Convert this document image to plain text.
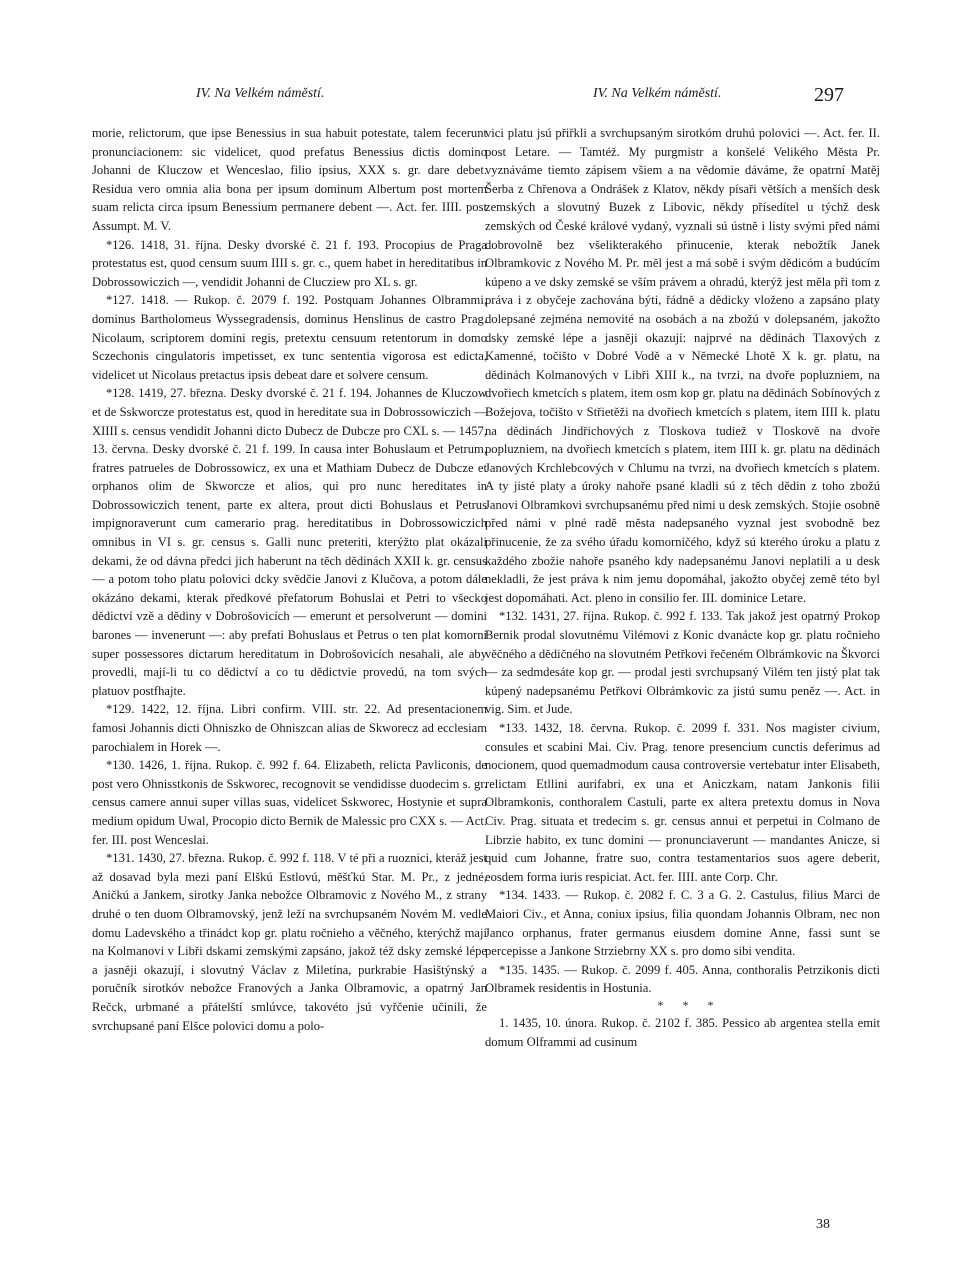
IV. Na Velkém náměstí.	IV. Na Velkém náměstí.	297

morie, relictorum, que ipse Benessius in sua habuit potestate, talem fecerunt pronunciacionem: sic videlicet, quod prefatus Benessius dictis domino Johanni de Kluczow et Wenceslao, filio ipsius, XXX s. gr. dare debet. Residua vero omnia alia bona per ipsum dominum Albertum post mortem suam relicta circa ipsum Benessium permanere debent —. Act. fer. IIII. post Assumpt. M. V.

*126. 1418, 31. října. Desky dvorské č. 21 f. 193. Procopius de Praga protestatus est, quod censum suum IIII s. gr. c., quem habet in hereditatibus in Dobrossowiczich —, vendidit Johanni de Clucziew pro XL s. gr.

*127. 1418. — Rukop. č. 2079 f. 192. Postquam Johannes Olbrammi, dominus Bartholomeus Wyssegradensis, dominus Henslinus de castro Prag. Nicolaum, scriptorem domini regis, pretextu censuum retentorum in domo Sczechonis cingulatoris impetisset, ex tunc sententia vigorosa est edicta, videlicet ut Nicolaus pretactus ipsis debeat dare et solvere censum.

*128. 1419, 27. března. Desky dvorské č. 21 f. 194. Johannes de Kluczow et de Sskworcze protestatus est, quod in hereditate sua in Dobrossowiczich — XIIII s. census vendidit Johanni dicto Dubecz de Dubcze pro CXL s. — 1457, 13. června. Desky dvorské č. 21 f. 199. In causa inter Bohuslaum et Petrum, fratres patrueles de Dobrossowicz, ex una et Mathiam Dubecz de Dubcze et orphanos olim de Skworcze et alios, qui pro nunc hereditates in Dobrossowiczich tenent, parte ex altera, prout dicti Bohuslaus et Petrus impignoraverunt cum camerario prag. hereditatibus in Dobrossowiczich omnibus in VI s. gr. census s. Galli nunc preteriti, kterýžto plat okázali dekami, že od dávna předci jich haberunt na těch dědinách XXII k. gr. census — a potom toho platu polovici dcky svědčie Janovi z Klučova, a potom dále okázáno dekami, kterak předkové přefatorum Bohuslai et Petri to všecko dědictví vzě a dědiny v Dobrošovicích — emerunt et persolverunt — domini barones — invenerunt —: aby prefati Bohuslaus et Petrus o ten plat komorní super possessores dictarum hereditatum in Dobrošovicích nesahali, ale aby provedli, mají-li tu co dědictví a co tu dědictvie provedú, na tom svých platuov postfhajte.

*129. 1422, 12. října. Libri confirm. VIII. str. 22. Ad presentacionem famosi Johannis dicti Ohniszko de Ohniszcan alias de Skworecz ad ecclesiam parochialem in Horek —.

*130. 1426, 1. října. Rukop. č. 992 f. 64. Elizabeth, relicta Pavliconis, de post vero Ohnisstkonis de Sskworec, recognovit se vendidisse duodecim s. gr. census camere annui super villas suas, videlicet Sskworec, Hostynie et supra medium opidum Uwal, Procopio dicto Bernik de Malessic pro CXX s. — Act. fer. III. post Wenceslai.

*131. 1430, 27. března. Rukop. č. 992 f. 118. V té při a ruoznici, kteráž jest až dosavad byla mezi paní Elškú Estlovú, měšťkú Star. M. Pr., z jedné, Aničkú a Jankem, sirotky Janka nebožce Olbramovic z Nového M., z strany druhé o ten duom Olbramovský, jenž leží na svrchupsaném Novém M. vedle domu Ladevského a třinádct kop gr. platu ročnieho a věčného, kterýchž mají na Kolmanovi v Libři dskami zemskými zapsáno, jakož též dsky zemské lépe a jasněji okazují, i slovutný Václav z Miletína, purkrabie Hasištýnský a poručník sirotkóv nebožce Franových a Janka Olbramovic, a opatrný Jan Rečck, urbmané a přátelští smlúvce, takovéto jsú vyřčenie učinili, že svrchupsané paní Elšce polovici domu a polo-

vici platu jsú přiřkli a svrchupsaným sirotkóm druhú polovici —. Act. fer. II. post Letare. — Tamtéž. My purgmistr a konšelé Velikého Města Pr. vyznáváme tiemto zápisem všiem a na vědomie dáváme, že opatrní Matěj Šerba z Chřenova a Ondrášek z Klatov, někdy písaři větších a menších desk zemských a slovutný Buzek z Libovic, někdy přísedítel u týchž desk zemských od České králové vydaný, vyznali sú ústně i listy svými před námi dobrovolně bez všelikterakého přinucenie, kterak nebožtík Janek Olbramkovic z Nového M. Pr. měl jest a má sobě i svým dědicóm a budúcím kúpeno a ve dsky zemské se vším právem a ohradú, kterýž jest měla při tom z práva i z obyčeje zachována býti, řádně a dědicky vloženo a zapsáno platy dolepsané zejména nemovité na osobách a na zbožú v dolepsaném, jakožto dsky zemské lépe a jasněji okazují: najprvé na dědinách Tlaxových z Kamenné, točišto v Dobré Vodě a v Německé Lhotě X k. gr. platu, na dědinách Kolmanových v Libři XIII k., na tvrzi, na dvoře popluzniem, na dvořiech kmetcích s platem, item osm kop gr. platu na dědinách Sobínových z Božejova, točišto v Střietěži na dvořiech kmetcích s platem, item IIII k. platu na dědinách Jindřichových z Tloskova tudiež v Tloskově na dvoře popluzniem, na dvořiech kmetcích s platem, item IIII k. gr. platu na dědinách Janových Krchlebcových v Chlumu na tvrzi, na dvořiech kmetcích s platem. A ty jisté platy a úroky nahoře psané kladli sú z těch dědin z toho zbožú Janovi Olbramkovi svrchupsanému před nimi u desk zemských. Stojie osobně před námi v plné radě města nadepsaného vyznal jest svobodně bez přinucenie, že za svého úřadu komorníčého, když sú kterého úroku a platu z každého zbožie nahoře psaného kdy nadepsanému Janovi neplatili a u desk nekladli, že jest práva k nim jemu dopomáhal, jakožto obyčej země této byl jest dopomáhati. Act. pleno in consilio fer. III. dominice Letare.

*132. 1431, 27. října. Rukop. č. 992 f. 133. Tak jakož jest opatrný Prokop Bernik prodal slovutnému Vilémovi z Konic dvanácte kop gr. platu ročnieho věčného a dědičného na slovutném Petřkovi řečeném Olbrámkovic na Škvorci — za sedmdesáte kop gr. — prodal jesti svrchupsaný Vilém ten jistý plat tak kúpený nadepsanému Petřkovi Olbrámkovic za jistú sumu peněz —. Act. in vig. Sim. et Jude.

*133. 1432, 18. června. Rukop. č. 2099 f. 331. Nos magister civium, consules et scabini Mai. Civ. Prag. tenore presencium cunctis deferimus ad nocionem, quod quemadmodum causa controversie vertebatur inter Elisabeth, relictam Etllini aurifabri, ex una et Aniczkam, natam Jankonis filii Olbramkonis, conthoralem Castuli, parte ex altera pretextu domus in Nova Civ. Prag. situata et tredecim s. gr. census annui et perpetui in Colmano de Librzie habito, ex tunc domini — pronunciaverunt — mandantes Anicze, si quid cum Johanne, fratre suo, contra testamentarios suos agere deberit, eosdem forma iuris respiciat. Act. fer. IIII. ante Corp. Chr.

*134. 1433. — Rukop. č. 2082 f. C. 3 a G. 2. Castulus, filius Marci de Maiori Civ., et Anna, coniux ipsius, filia quondam Johannis Olbram, nec non Janco orphanus, frater germanus eiusdem domine Anne, fassi sunt se percepisse a Jankone Strziebrny XX s. pro domo sibi vendita.

*135. 1435. — Rukop. č. 2099 f. 405. Anna, conthoralis Petrzikonis dicti Olbramek residentis in Hostunia.

* * *

1. 1435, 10. února. Rukop. č. 2102 f. 385. Pessico ab argentea stella emit domum Olframmi ad cusinum

38
